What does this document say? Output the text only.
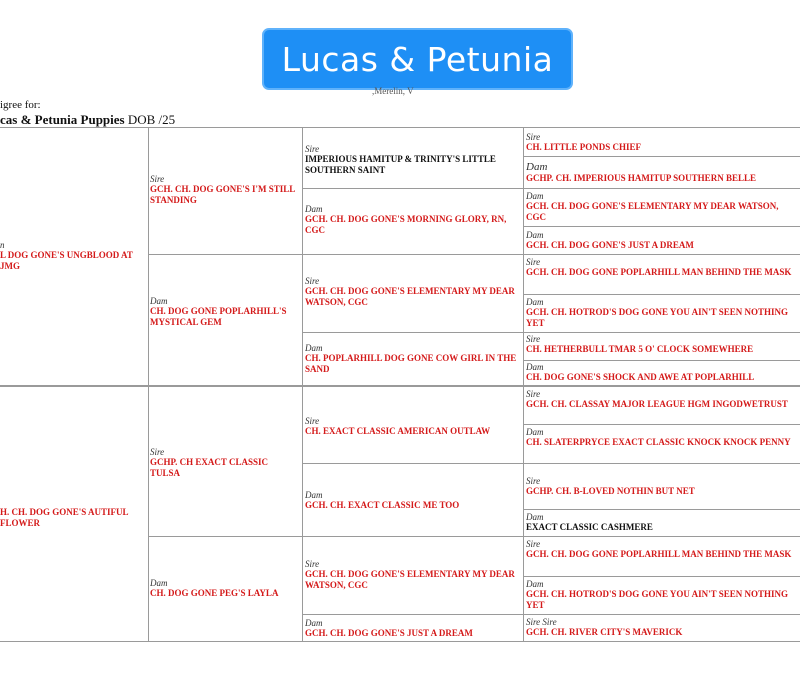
Lucas & Petunia
,Merelin, V
igree for:
cas & Petunia Puppies DOB /25
n
L DOG GONE'S UNGBLOOD AT JMG
H. CH. DOG GONE'S AUTIFUL FLOWER
Sire
GCH. CH. DOG GONE'S I'M STILL STANDING
Dam
CH. DOG GONE POPLARHILL'S MYSTICAL GEM
Sire
GCHP. CH EXACT CLASSIC TULSA
Dam
CH. DOG GONE PEG'S LAYLA
Sire
IMPERIOUS HAMITUP & TRINITY'S LITTLE SOUTHERN SAINT
Dam
GCH. CH. DOG GONE'S MORNING GLORY, RN, CGC
Sire
GCH. CH. DOG GONE'S ELEMENTARY MY DEAR WATSON, CGC
Dam
CH. POPLARHILL DOG GONE COW GIRL IN THE SAND
Sire
CH. EXACT CLASSIC AMERICAN OUTLAW
Dam
GCH. CH. EXACT CLASSIC ME TOO
Sire
GCH. CH. DOG GONE'S ELEMENTARY MY DEAR WATSON, CGC
Dam
GCH. CH. DOG GONE'S JUST A DREAM
Sire
CH. LITTLE PONDS CHIEF
Dam
GCHP. CH. IMPERIOUS HAMITUP SOUTHERN BELLE
Dam
GCH. CH. DOG GONE'S ELEMENTARY MY DEAR WATSON, CGC
Dam
GCH. CH. DOG GONE'S JUST A DREAM
Sire
GCH. CH. DOG GONE POPLARHILL MAN BEHIND THE MASK
Dam
GCH. CH. HOTROD'S DOG GONE YOU AIN'T SEEN NOTHING YET
Sire
CH. HETHERBULL TMAR 5 O' CLOCK SOMEWHERE
Dam
CH. DOG GONE'S SHOCK AND AWE AT POPLARHILL
Sire
GCH. CH. CLASSAY MAJOR LEAGUE HGM INGODWETRUST
Dam
CH. SLATERPRYCE EXACT CLASSIC KNOCK KNOCK PENNY
Sire
GCHP. CH. B-LOVED NOTHIN BUT NET
Dam
EXACT CLASSIC CASHMERE
Sire
GCH. CH. DOG GONE POPLARHILL MAN BEHIND THE MASK
Dam
GCH. CH. HOTROD'S DOG GONE YOU AIN'T SEEN NOTHING YET
Sire Sire
GCH. CH. RIVER CITY'S MAVERICK
